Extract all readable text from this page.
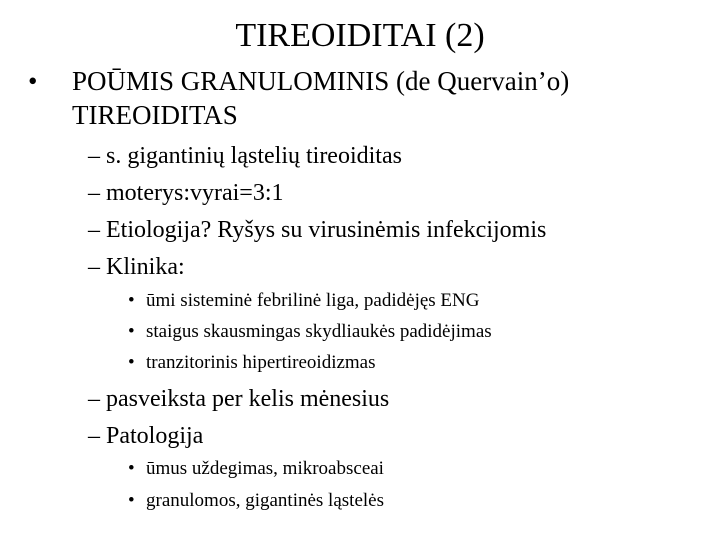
TIREOIDITAI (2)
• POŪMIS GRANULOMINIS (de Quervain’o) TIREOIDITAS
– s. gigantinių ląstelių tireoiditas
– moterys:vyrai=3:1
– Etiologija? Ryšys su virusinėmis infekcijomis
– Klinika:
• ūmi sisteminė febrilinė liga, padidėjęs ENG
• staigus skausmingas skydliaukės padidėjimas
• tranzitorinis hipertireoidizmas
– pasveiksta per kelis mėnesius
– Patologija
• ūmus uždegimas, mikroabsceai
• granulomos, gigantinės ląstelės
